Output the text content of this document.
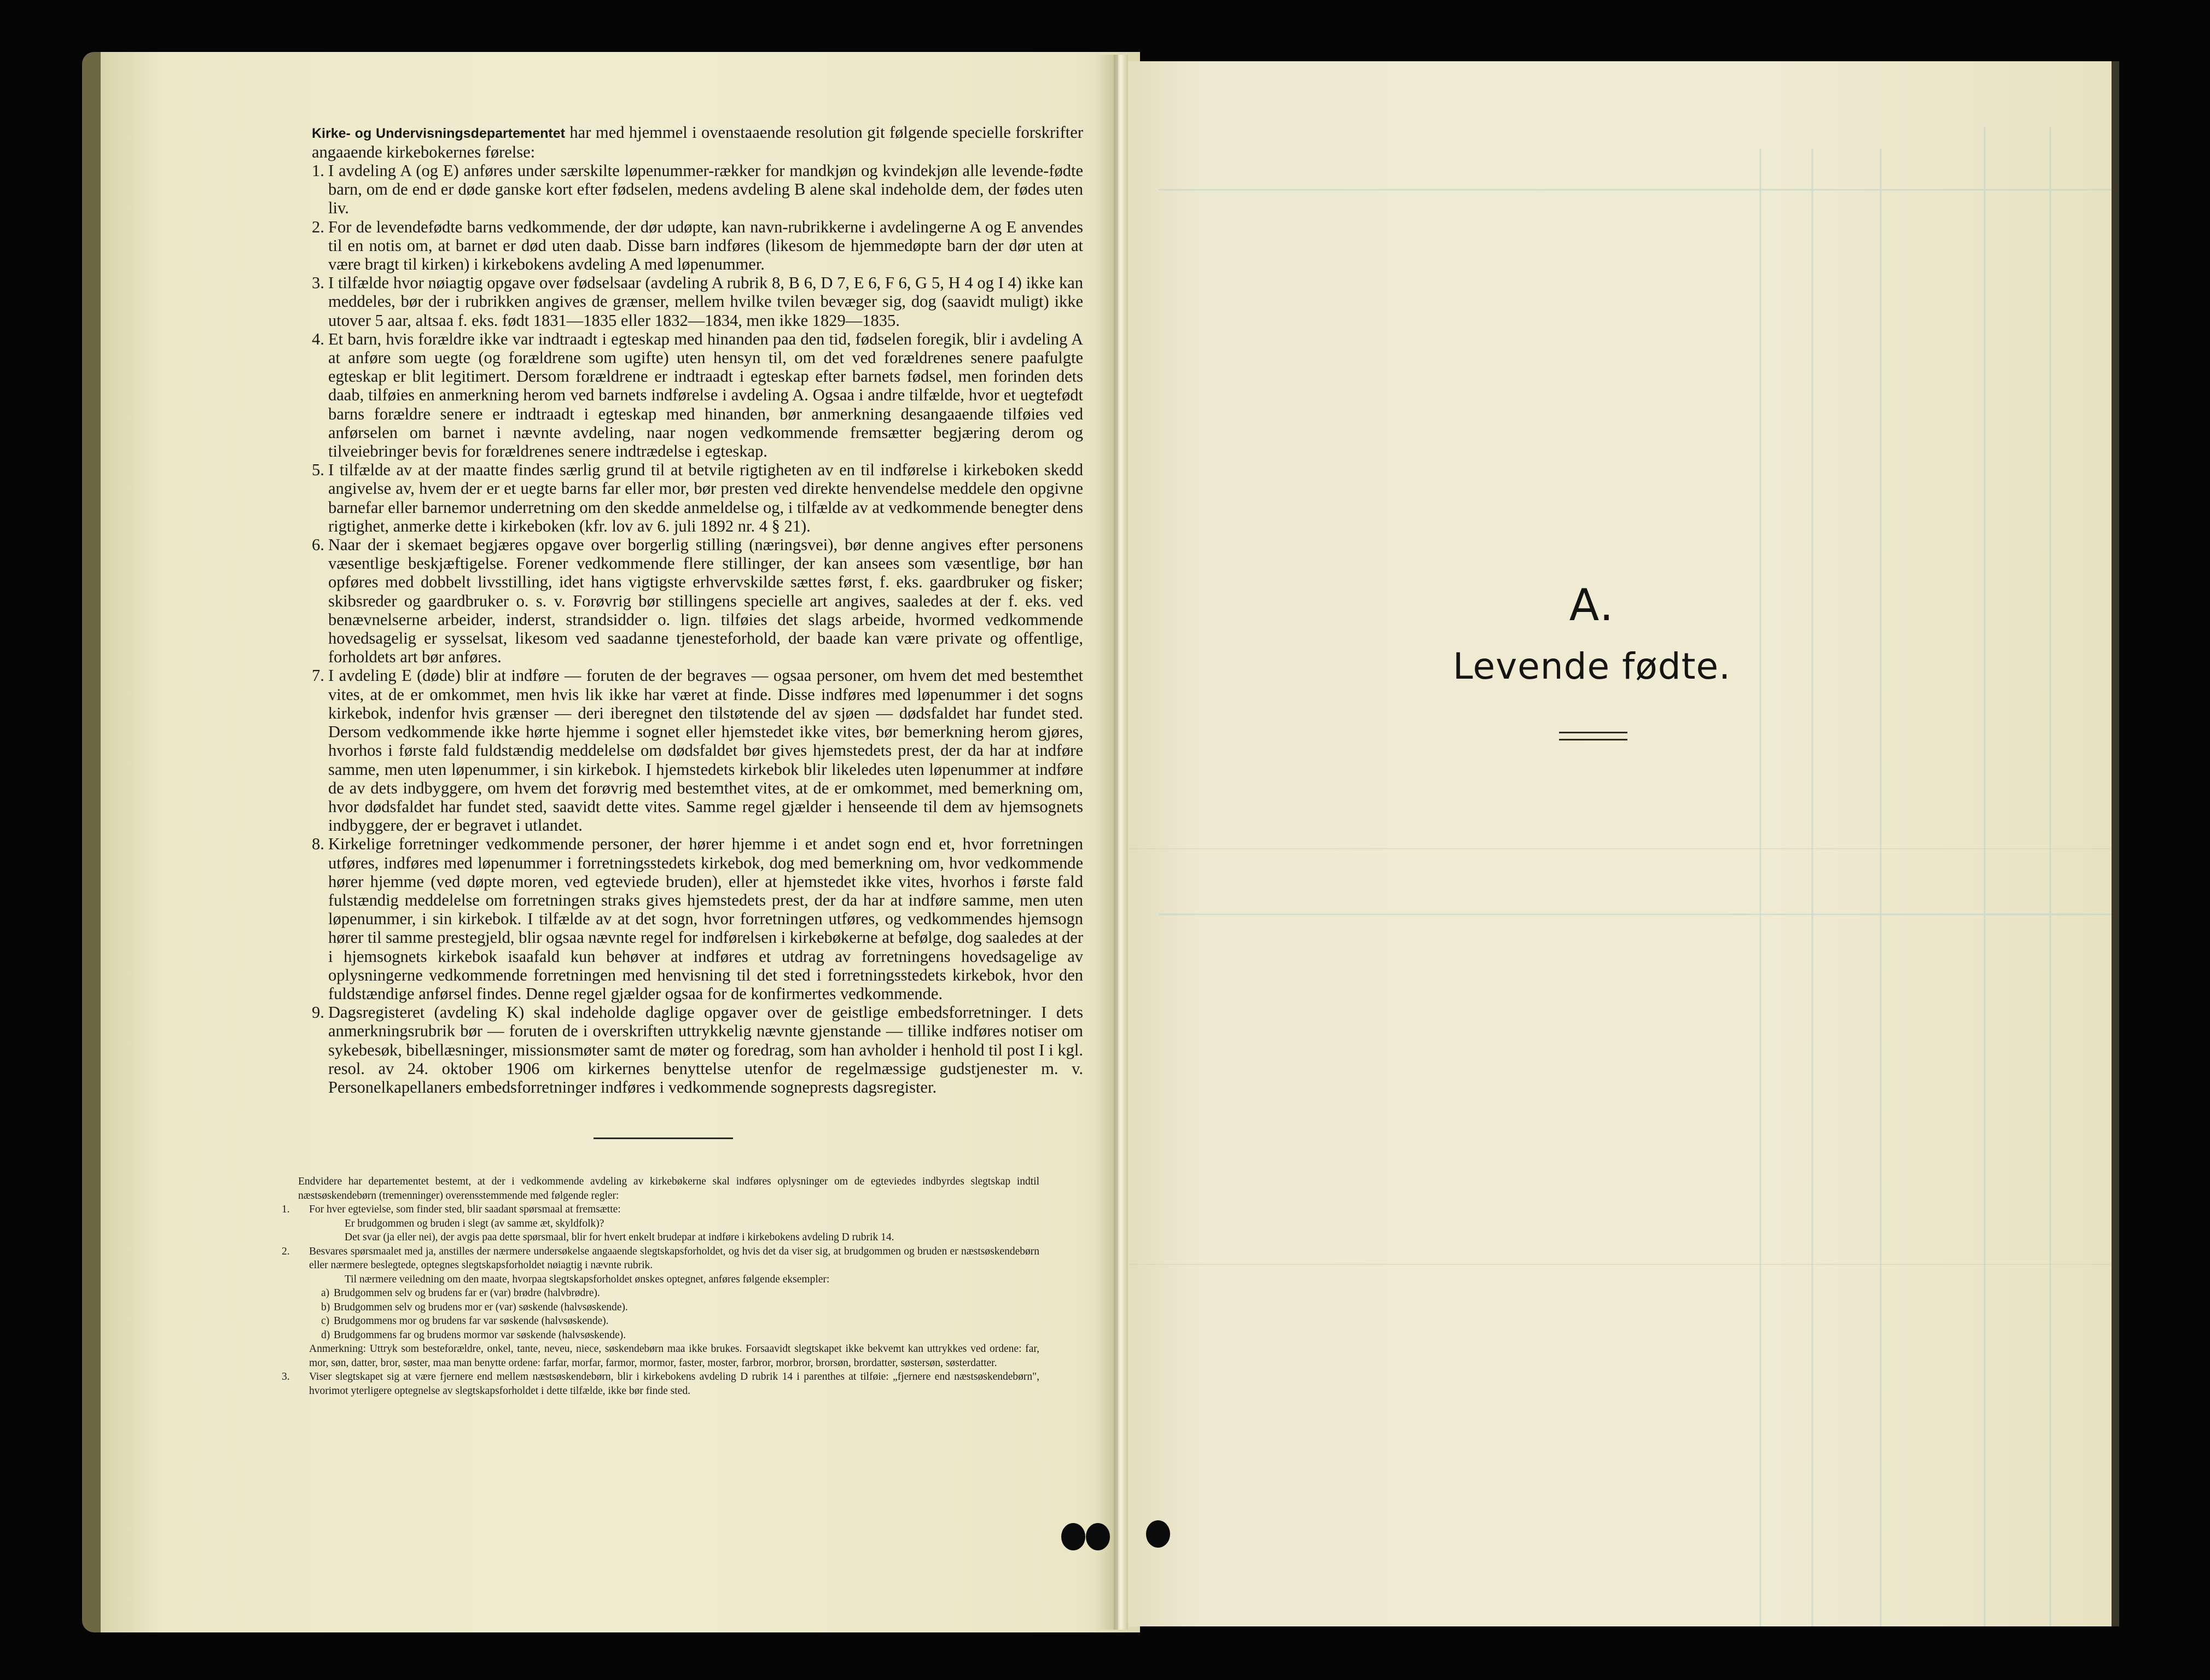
Kirke- og Undervisningsdepartementet har med hjemmel i ovenstaaende resolution git følgende specielle forskrifter angaaende kirkebokernes førelse:

1. I avdeling A (og E) anføres under særskilte løpenummer-rækker for mandkjøn og kvindekjøn alle levende-fødte barn, om de end er døde ganske kort efter fødselen, medens avdeling B alene skal indeholde dem, der fødes uten liv.
2. For de levendefødte barns vedkommende, der dør udøpte, kan navn-rubrikkerne i avdelingerne A og E anvendes til en notis om, at barnet er død uten daab. Disse barn indføres (likesom de hjemmedøpte barn der dør uten at være bragt til kirken) i kirkebokens avdeling A med løpenummer.
3. I tilfælde hvor nøiagtig opgave over fødselsaar (avdeling A rubrik 8, B 6, D 7, E 6, F 6, G 5, H 4 og I 4) ikke kan meddeles, bør der i rubrikken angives de grænser, mellem hvilke tvilen bevæger sig, dog (saavidt muligt) ikke utover 5 aar, altsaa f. eks. født 1831—1835 eller 1832—1834, men ikke 1829—1835.
4. Et barn, hvis forældre ikke var indtraadt i egteskap med hinanden paa den tid, fødselen foregik, blir i avdeling A at anføre som uegte (og forældrene som ugifte) uten hensyn til, om det ved forældrenes senere paafulgte egteskap er blit legitimert. Dersom forældrene er indtraadt i egteskap efter barnets fødsel, men forinden dets daab, tilføies en anmerkning herom ved barnets indførelse i avdeling A. Ogsaa i andre tilfælde, hvor et uegtefødt barns forældre senere er indtraadt i egteskap med hinanden, bør anmerkning desangaaende tilføies ved anførselen om barnet i nævnte avdeling, naar nogen vedkommende fremsætter begjæring derom og tilveiebringer bevis for forældrenes senere indtrædelse i egteskap.
5. I tilfælde av at der maatte findes særlig grund til at betvile rigtigheten av en til indførelse i kirkeboken skedd angivelse av, hvem der er et uegte barns far eller mor, bør presten ved direkte henvendelse meddele den opgivne barnefar eller barnemor underretning om den skedde anmeldelse og, i tilfælde av at vedkommende benegter dens rigtighet, anmerke dette i kirkeboken (kfr. lov av 6. juli 1892 nr. 4 § 21).
6. Naar der i skemaet begjæres opgave over borgerlig stilling (næringsvei), bør denne angives efter personens væsentlige beskjæftigelse. Forener vedkommende flere stillinger, der kan ansees som væsentlige, bør han opføres med dobbelt livsstilling, idet hans vigtigste erhvervskilde sættes først, f. eks. gaardbruker og fisker; skibsreder og gaardbruker o. s. v. Forøvrig bør stillingens specielle art angives, saaledes at der f. eks. ved benævnelserne arbeider, inderst, strandsidder o. lign. tilføies det slags arbeide, hvormed vedkommende hovedsagelig er sysselsat, likesom ved saadanne tjenesteforhold, der baade kan være private og offentlige, forholdets art bør anføres.
7. I avdeling E (døde) blir at indføre — foruten de der begraves — ogsaa personer, om hvem det med bestemthet vites, at de er omkommet, men hvis lik ikke har været at finde. Disse indføres med løpenummer i det sogns kirkebok, indenfor hvis grænser — deri iberegnet den tilstøtende del av sjøen — dødsfaldet har fundet sted. Dersom vedkommende ikke hørte hjemme i sognet eller hjemstedet ikke vites, bør bemerkning herom gjøres, hvorhos i første fald fuldstændig meddelelse om dødsfaldet bør gives hjemstedets prest, der da har at indføre samme, men uten løpenummer, i sin kirkebok. I hjemstedets kirkebok blir likeledes uten løpenummer at indføre de av dets indbyggere, om hvem det forøvrig med bestemthet vites, at de er omkommet, med bemerkning om, hvor dødsfaldet har fundet sted, saavidt dette vites. Samme regel gjælder i henseende til dem av hjemsognets indbyggere, der er begravet i utlandet.
8. Kirkelige forretninger vedkommende personer, der hører hjemme i et andet sogn end et, hvor forretningen utføres, indføres med løpenummer i forretningsstedets kirkebok, dog med bemerkning om, hvor vedkommende hører hjemme (ved døpte moren, ved egteviede bruden), eller at hjemstedet ikke vites, hvorhos i første fald fulstændig meddelelse om forretningen straks gives hjemstedets prest, der da har at indføre samme, men uten løpenummer, i sin kirkebok. I tilfælde av at det sogn, hvor forretningen utføres, og vedkommendes hjemsogn hører til samme prestegjeld, blir ogsaa nævnte regel for indførelsen i kirkebøkerne at befølge, dog saaledes at der i hjemsognets kirkebok isaafald kun behøver at indføres et utdrag av forretningens hovedsagelige av oplysningerne vedkommende forretningen med henvisning til det sted i forretningsstedets kirkebok, hvor den fuldstændige anførsel findes. Denne regel gjælder ogsaa for de konfirmertes vedkommende.
9. Dagsregisteret (avdeling K) skal indeholde daglige opgaver over de geistlige embedsforretninger. I dets anmerkningsrubrik bør — foruten de i overskriften uttrykkelig nævnte gjenstande — tillike indføres notiser om sykebesøk, bibellæsninger, missionsmøter samt de møter og foredrag, som han avholder i henhold til post I i kgl. resol. av 24. oktober 1906 om kirkernes benyttelse utenfor de regelmæssige gudstjenester m. v. Personelkapellaners embedsforretninger indføres i vedkommende sogneprests dagsregister.

Endvidere har departementet bestemt, at der i vedkommende avdeling av kirkebøkerne skal indføres oplysninger om de egteviedes indbyrdes slegtskap indtil næstsøskendebørn (tremenninger) overensstemmende med følgende regler:

1. For hver egtevielse, som finder sted, blir saadant spørsmaal at fremsætte:

Er brudgommen og bruden i slegt (av samme æt, skyldfolk)?

Det svar (ja eller nei), der avgis paa dette spørsmaal, blir for hvert enkelt brudepar at indføre i kirkebokens avdeling D rubrik 14.

2. Besvares spørsmaalet med ja, anstilles der nærmere undersøkelse angaaende slegtskapsforholdet, og hvis det da viser sig, at brudgommen og bruden er næstsøskendebørn eller nærmere beslegtede, optegnes slegtskapsforholdet nøiagtig i nævnte rubrik.

Til nærmere veiledning om den maate, hvorpaa slegtskapsforholdet ønskes optegnet, anføres følgende eksempler:

a) Brudgommen selv og brudens far er (var) brødre (halvbrødre).

b) Brudgommen selv og brudens mor er (var) søskende (halvsøskende).

c) Brudgommens mor og brudens far var søskende (halvsøskende).

d) Brudgommens far og brudens mormor var søskende (halvsøskende).

Anmerkning: Uttryk som besteforældre, onkel, tante, neveu, niece, søskendebørn maa ikke brukes. Forsaavidt slegtskapet ikke bekvemt kan uttrykkes ved ordene: far, mor, søn, datter, bror, søster, maa man benytte ordene: farfar, morfar, farmor, mormor, faster, moster, farbror, morbror, brorsøn, brordatter, søstersøn, søsterdatter.

3. Viser slegtskapet sig at være fjernere end mellem næstsøskendebørn, blir i kirkebokens avdeling D rubrik 14 i parenthes at tilføie: „fjernere end næstsøskendebørn", hvorimot yterligere optegnelse av slegtskapsforholdet i dette tilfælde, ikke bør finde sted.

A.
Levende fødte.
